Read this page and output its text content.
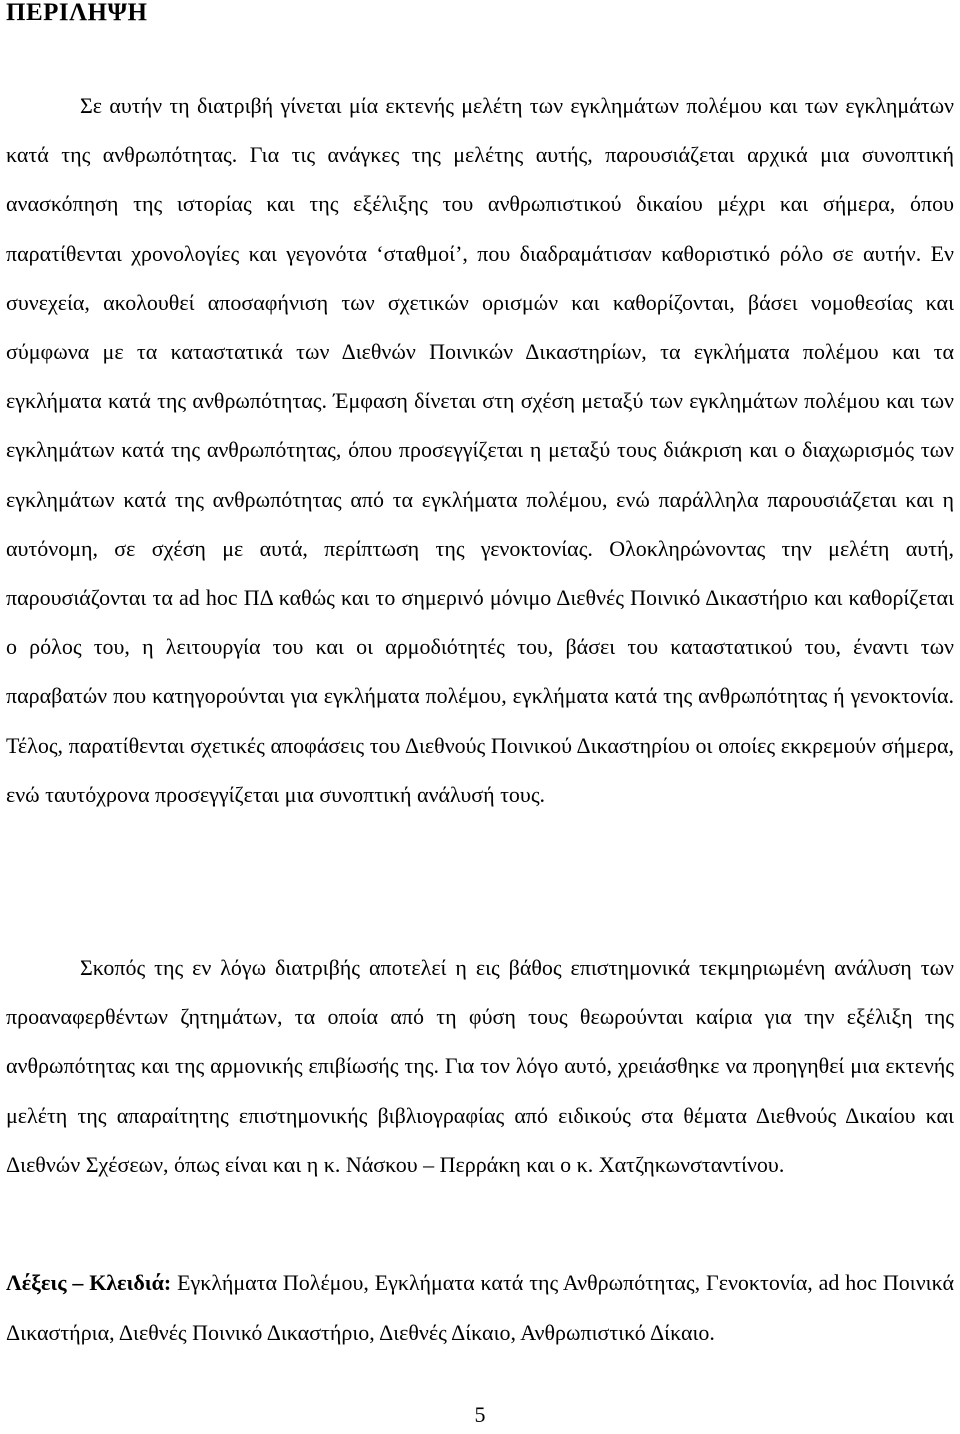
ΠΕΡΙΛΗΨΗ

Σε αυτήν τη διατριβή γίνεται μία εκτενής μελέτη των εγκλημάτων πολέμου και των εγκλημάτων κατά της ανθρωπότητας. Για τις ανάγκες της μελέτης αυτής, παρουσιάζεται αρχικά μια συνοπτική ανασκόπηση της ιστορίας και της εξέλιξης του ανθρωπιστικού δικαίου μέχρι και σήμερα, όπου παρατίθενται χρονολογίες και γεγονότα ‘σταθμοί’, που διαδραμάτισαν καθοριστικό ρόλο σε αυτήν. Εν συνεχεία, ακολουθεί αποσαφήνιση των σχετικών ορισμών και καθορίζονται, βάσει νομοθεσίας και σύμφωνα με τα καταστατικά των Διεθνών Ποινικών Δικαστηρίων, τα εγκλήματα πολέμου και τα εγκλήματα κατά της ανθρωπότητας. Έμφαση δίνεται στη σχέση μεταξύ των εγκλημάτων πολέμου και των εγκλημάτων κατά της ανθρωπότητας, όπου προσεγγίζεται η μεταξύ τους διάκριση και ο διαχωρισμός των εγκλημάτων κατά της ανθρωπότητας από τα εγκλήματα πολέμου, ενώ παράλληλα παρουσιάζεται και η αυτόνομη, σε σχέση με αυτά, περίπτωση της γενοκτονίας. Ολοκληρώνοντας την μελέτη αυτή, παρουσιάζονται τα ad hoc ΠΔ καθώς και το σημερινό μόνιμο Διεθνές Ποινικό Δικαστήριο και καθορίζεται ο ρόλος του, η λειτουργία του και οι αρμοδιότητές του, βάσει του καταστατικού του, έναντι των παραβατών που κατηγορούνται για εγκλήματα πολέμου, εγκλήματα κατά της ανθρωπότητας ή γενοκτονία. Τέλος, παρατίθενται σχετικές αποφάσεις του Διεθνούς Ποινικού Δικαστηρίου οι οποίες εκκρεμούν σήμερα, ενώ ταυτόχρονα προσεγγίζεται μια συνοπτική ανάλυσή τους.

Σκοπός της εν λόγω διατριβής αποτελεί η εις βάθος επιστημονικά τεκμηριωμένη ανάλυση των προαναφερθέντων ζητημάτων, τα οποία από τη φύση τους θεωρούνται καίρια για την εξέλιξη της ανθρωπότητας και της αρμονικής επιβίωσής της. Για τον λόγο αυτό, χρειάσθηκε να προηγηθεί μια εκτενής μελέτη της απαραίτητης επιστημονικής βιβλιογραφίας από ειδικούς στα θέματα Διεθνούς Δικαίου και Διεθνών Σχέσεων, όπως είναι και η κ. Νάσκου – Περράκη και ο κ. Χατζηκωνσταντίνου.

Λέξεις – Κλειδιά: Εγκλήματα Πολέμου, Εγκλήματα κατά της Ανθρωπότητας, Γενοκτονία, ad hoc Ποινικά Δικαστήρια, Διεθνές Ποινικό Δικαστήριο, Διεθνές Δίκαιο, Ανθρωπιστικό Δίκαιο.

5
